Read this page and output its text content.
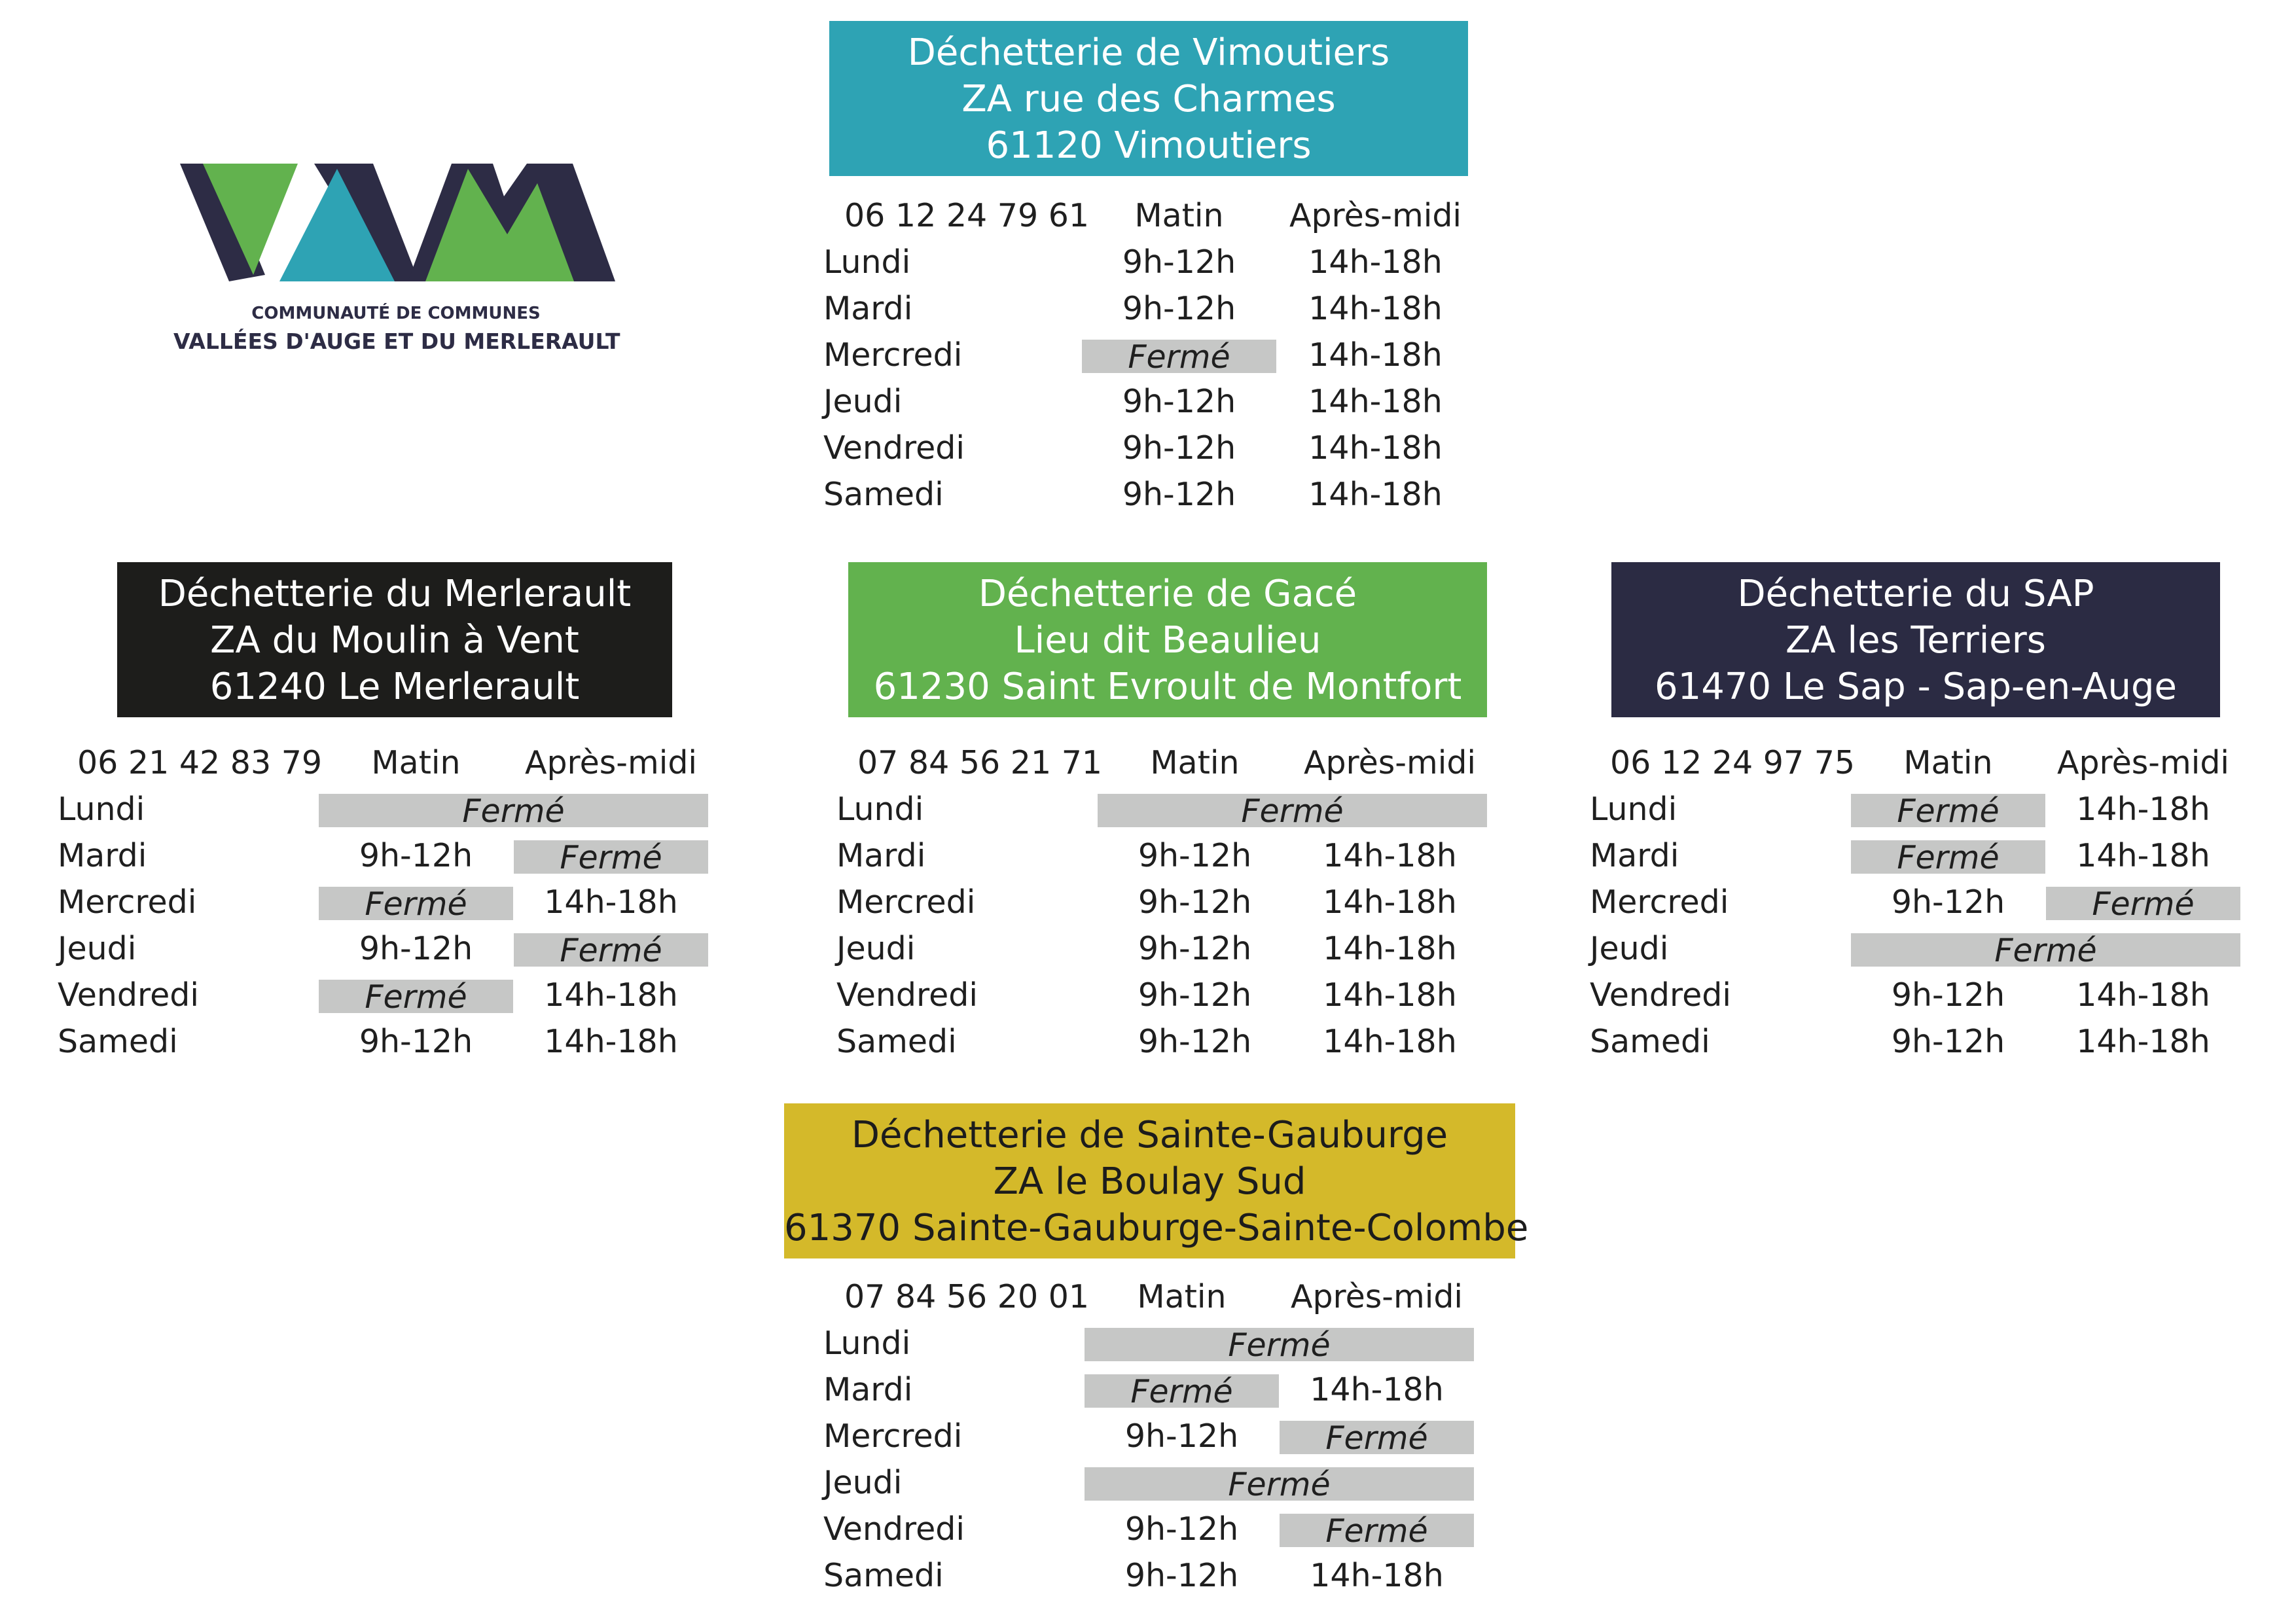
COMMUNAUTÉ DE COMMUNES
VALLÉES D'AUGE ET DU MERLERAULT
Déchetterie de Vimoutiers
ZA rue des Charmes
61120 Vimoutiers
06 12 24 79 61	Matin	Après-midi
Lundi	9h-12h	14h-18h
Mardi	9h-12h	14h-18h
Mercredi	Fermé	14h-18h
Jeudi	9h-12h	14h-18h
Vendredi	9h-12h	14h-18h
Samedi	9h-12h	14h-18h
Déchetterie du Merlerault
ZA du Moulin à Vent
61240 Le Merlerault
06 21 42 83 79	Matin	Après-midi
Lundi	Fermé
Mardi	9h-12h	Fermé
Mercredi	Fermé	14h-18h
Jeudi	9h-12h	Fermé
Vendredi	Fermé	14h-18h
Samedi	9h-12h	14h-18h
Déchetterie de Gacé
Lieu dit Beaulieu
61230 Saint Evroult de Montfort
07 84 56 21 71	Matin	Après-midi
Lundi	Fermé
Mardi	9h-12h	14h-18h
Mercredi	9h-12h	14h-18h
Jeudi	9h-12h	14h-18h
Vendredi	9h-12h	14h-18h
Samedi	9h-12h	14h-18h
Déchetterie du SAP
ZA les Terriers
61470 Le Sap - Sap-en-Auge
06 12 24 97 75	Matin	Après-midi
Lundi	Fermé	14h-18h
Mardi	Fermé	14h-18h
Mercredi	9h-12h	Fermé
Jeudi	Fermé
Vendredi	9h-12h	14h-18h
Samedi	9h-12h	14h-18h
Déchetterie de Sainte-Gauburge
ZA le Boulay Sud
61370 Sainte-Gauburge-Sainte-Colombe
07 84 56 20 01	Matin	Après-midi
Lundi	Fermé
Mardi	Fermé	14h-18h
Mercredi	9h-12h	Fermé
Jeudi	Fermé
Vendredi	9h-12h	Fermé
Samedi	9h-12h	14h-18h
